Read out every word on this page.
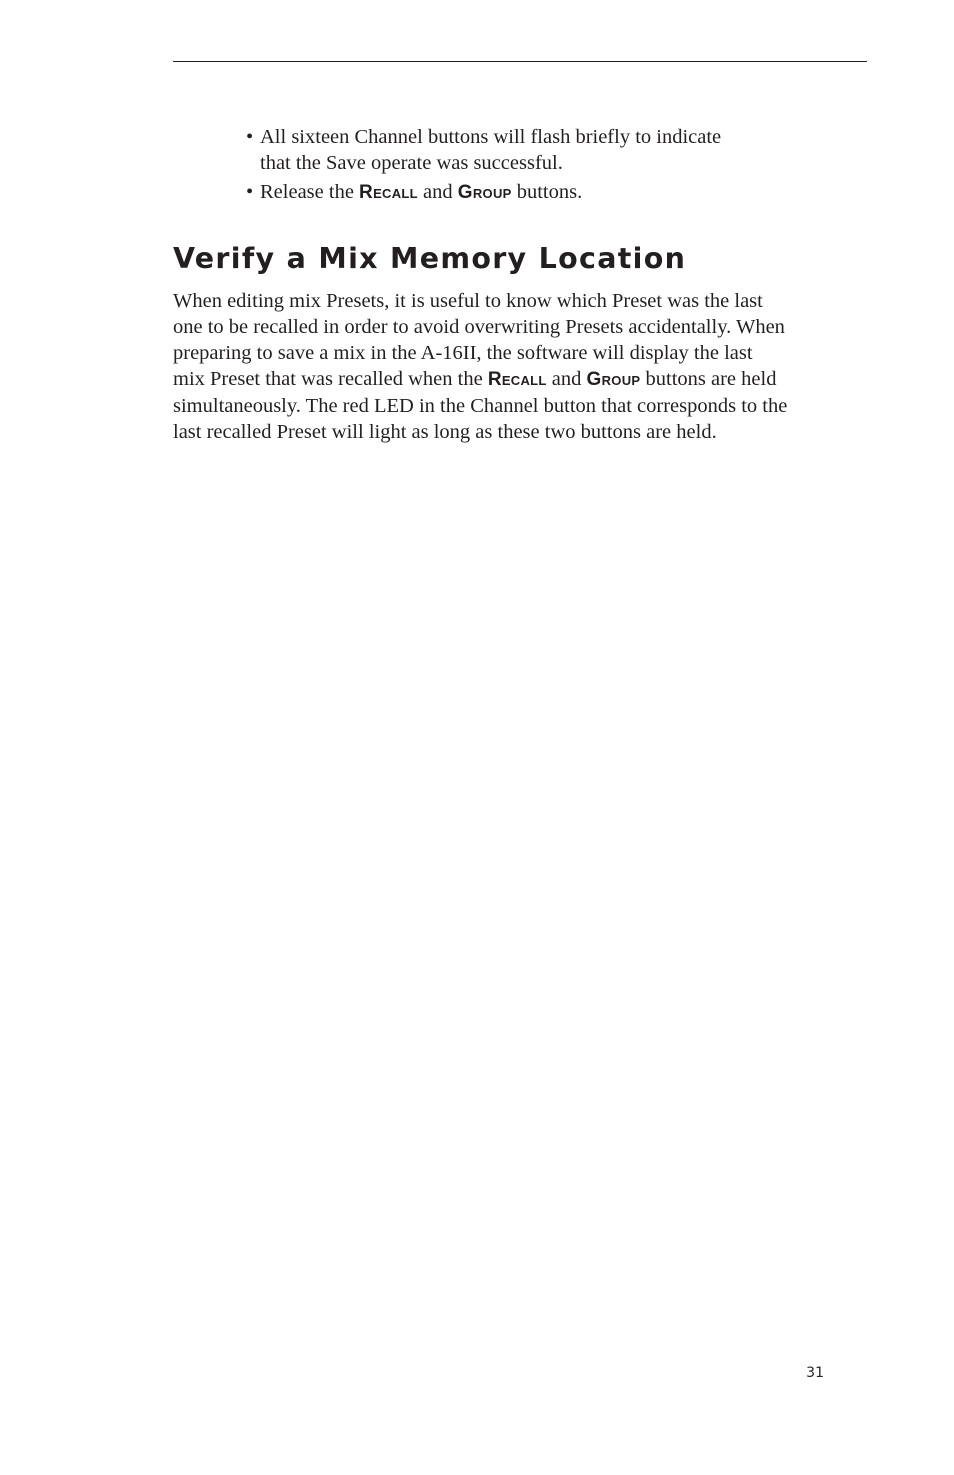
• All sixteen Channel buttons will flash briefly to indicate
that the Save operate was successful.
• Release the Recall and Group buttons.
Verify a Mix Memory Location

When editing mix Presets, it is useful to know which Preset was the last
one to be recalled in order to avoid overwriting Presets accidentally. When
preparing to save a mix in the A-16II, the software will display the last
mix Preset that was recalled when the Recall and Group buttons are held
simultaneously. The red LED in the Channel button that corresponds to the
last recalled Preset will light as long as these two buttons are held.

31
